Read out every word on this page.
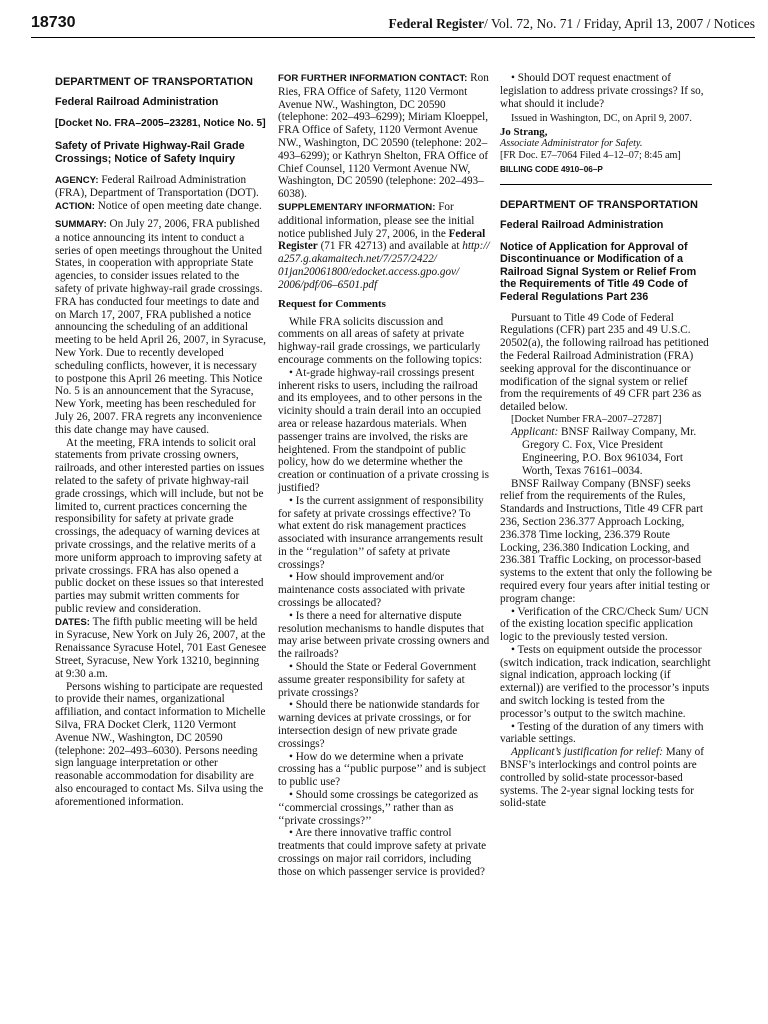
18730	Federal Register/ Vol. 72, No. 71 / Friday, April 13, 2007 / Notices
DEPARTMENT OF TRANSPORTATION
Federal Railroad Administration
[Docket No. FRA–2005–23281, Notice No. 5]
Safety of Private Highway-Rail Grade Crossings; Notice of Safety Inquiry

AGENCY: Federal Railroad Administration (FRA), Department of Transportation (DOT).

ACTION: Notice of open meeting date change.

SUMMARY: On July 27, 2006, FRA published a notice announcing its intent to conduct a series of open meetings throughout the United States, in cooperation with appropriate State agencies, to consider issues related to the safety of private highway-rail grade crossings. FRA has conducted four meetings to date and on March 17, 2007, FRA published a notice announcing the scheduling of an additional meeting to be held April 26, 2007, in Syracuse, New York. Due to recently developed scheduling conflicts, however, it is necessary to postpone this April 26 meeting. This Notice No. 5 is an announcement that the Syracuse, New York, meeting has been rescheduled for July 26, 2007. FRA regrets any inconvenience this date change may have caused.

At the meeting, FRA intends to solicit oral statements from private crossing owners, railroads, and other interested parties on issues related to the safety of private highway-rail grade crossings, which will include, but not be limited to, current practices concerning the responsibility for safety at private grade crossings, the adequacy of warning devices at private crossings, and the relative merits of a more uniform approach to improving safety at private crossings. FRA has also opened a public docket on these issues so that interested parties may submit written comments for public review and consideration.

DATES: The fifth public meeting will be held in Syracuse, New York on July 26, 2007, at the Renaissance Syracuse Hotel, 701 East Genesee Street, Syracuse, New York 13210, beginning at 9:30 a.m.

Persons wishing to participate are requested to provide their names, organizational affiliation, and contact information to Michelle Silva, FRA Docket Clerk, 1120 Vermont Avenue NW., Washington, DC 20590 (telephone: 202–493–6030). Persons needing sign language interpretation or other reasonable accommodation for disability are also encouraged to contact Ms. Silva using the aforementioned information.

FOR FURTHER INFORMATION CONTACT: Ron Ries, FRA Office of Safety, 1120 Vermont Avenue NW., Washington, DC 20590 (telephone: 202–493–6299); Miriam Kloeppel, FRA Office of Safety, 1120 Vermont Avenue NW., Washington, DC 20590 (telephone: 202–493–6299); or Kathryn Shelton, FRA Office of Chief Counsel, 1120 Vermont Avenue NW, Washington, DC 20590 (telephone: 202–493–6038).

SUPPLEMENTARY INFORMATION: For additional information, please see the initial notice published July 27, 2006, in the Federal Register (71 FR 42713) and available at http:// a257.g.akamaitech.net/7/257/2422/ 01jan20061800/edocket.access.gpo.gov/ 2006/pdf/06–6501.pdf

Request for Comments

While FRA solicits discussion and comments on all areas of safety at private highway-rail grade crossings, we particularly encourage comments on the following topics:

• At-grade highway-rail crossings present inherent risks to users, including the railroad and its employees, and to other persons in the vicinity should a train derail into an occupied area or release hazardous materials. When passenger trains are involved, the risks are heightened. From the standpoint of public policy, how do we determine whether the creation or continuation of a private crossing is justified?

• Is the current assignment of responsibility for safety at private crossings effective? To what extent do risk management practices associated with insurance arrangements result in the ‘‘regulation’’ of safety at private crossings?

• How should improvement and/or maintenance costs associated with private crossings be allocated?

• Is there a need for alternative dispute resolution mechanisms to handle disputes that may arise between private crossing owners and the railroads?

• Should the State or Federal Government assume greater responsibility for safety at private crossings?

• Should there be nationwide standards for warning devices at private crossings, or for intersection design of new private grade crossings?

• How do we determine when a private crossing has a ‘‘public purpose’’ and is subject to public use?

• Should some crossings be categorized as ‘‘commercial crossings,’’ rather than as ‘‘private crossings?’’

• Are there innovative traffic control treatments that could improve safety at private crossings on major rail corridors, including those on which passenger service is provided?

• Should DOT request enactment of legislation to address private crossings? If so, what should it include?

Issued in Washington, DC, on April 9, 2007.

Jo Strang,

Associate Administrator for Safety.

[FR Doc. E7–7064 Filed 4–12–07; 8:45 am]

BILLING CODE 4910–06–P
DEPARTMENT OF TRANSPORTATION
Federal Railroad Administration
Notice of Application for Approval of Discontinuance or Modification of a Railroad Signal System or Relief From the Requirements of Title 49 Code of Federal Regulations Part 236

Pursuant to Title 49 Code of Federal Regulations (CFR) part 235 and 49 U.S.C. 20502(a), the following railroad has petitioned the Federal Railroad Administration (FRA) seeking approval for the discontinuance or modification of the signal system or relief from the requirements of 49 CFR part 236 as detailed below.

[Docket Number FRA–2007–27287]

Applicant: BNSF Railway Company, Mr. Gregory C. Fox, Vice President Engineering, P.O. Box 961034, Fort Worth, Texas 76161–0034.

BNSF Railway Company (BNSF) seeks relief from the requirements of the Rules, Standards and Instructions, Title 49 CFR part 236, Section 236.377 Approach Locking, 236.378 Time locking, 236.379 Route Locking, 236.380 Indication Locking, and 236.381 Traffic Locking, on processor-based systems to the extent that only the following be required every four years after initial testing or program change:

• Verification of the CRC/Check Sum/ UCN of the existing location specific application logic to the previously tested version.

• Tests on equipment outside the processor (switch indication, track indication, searchlight signal indication, approach locking (if external)) are verified to the processor’s inputs and switch locking is tested from the processor’s output to the switch machine.

• Testing of the duration of any timers with variable settings.

Applicant’s justification for relief: Many of BNSF’s interlockings and control points are controlled by solid-state processor-based systems. The 2-year signal locking tests for solid-state
